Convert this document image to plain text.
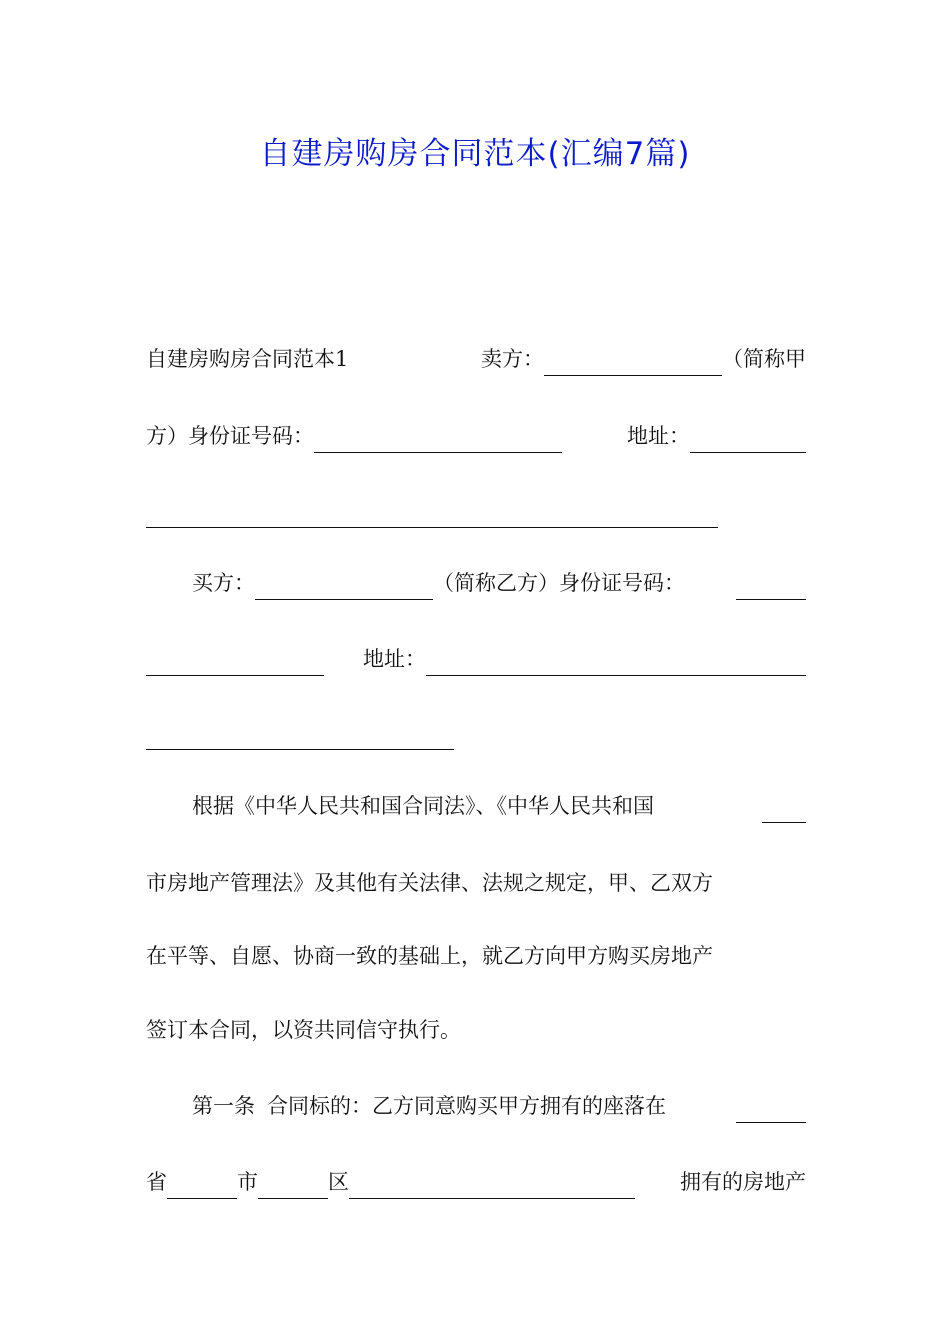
自建房购房合同范本(汇编7篇)
自建房购房合同范本1	卖方：	（简称甲
方）身份证号码：	地址：
买方：	（简称乙方）身份证号码：
地址：
根据《中华人民共和国合同法》、《中华人民共和国
市房地产管理法》及其他有关法律、法规之规定，甲、乙双方
在平等、自愿、协商一致的基础上，就乙方向甲方购买房地产
签订本合同，以资共同信守执行。
第一条 合同标的：乙方同意购买甲方拥有的座落在
省	市	区	拥有的房地产
